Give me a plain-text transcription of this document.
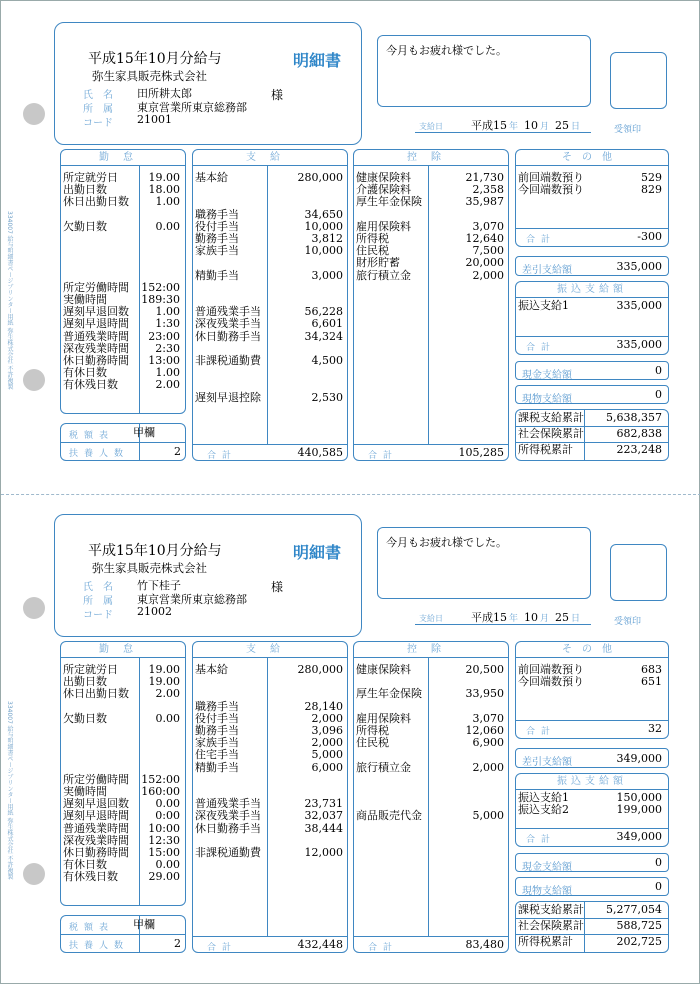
334007 給与明細書ページプリンター用紙 弥生株式会社 不許複製
334007 給与明細書ページプリンター用紙 弥生株式会社 不許複製
平成15年10月分給与	明細書
弥生家具販売株式会社
氏　名	田所耕太郎	様
所　属	東京営業所東京総務部
コード	21001
今月もお疲れ様でした。
受領印
支給日	平成15 年 10 月 25 日
勤怠
所定就労日	19.00
出勤日数	18.00
休日出勤日数 1.00
欠勤日数	0.00
所定労働時間 152:00
実働時間	189:30
遅刻早退回数 1.00
遅刻早退時間 1:30
普通残業時間 23:00
深夜残業時間 2:30
休日勤務時間 13:00
有休日数	1.00
有休残日数	2.00
税額表 甲欄
扶養人数	2
支給
基本給	280,000
職務手当	34,650
役付手当	10,000
勤務手当	3,812
家族手当	10,000
精勤手当	3,000
普通残業手当	56,228
深夜残業手当	6,601
休日勤務手当	34,324
非課税通勤費	4,500
遅刻早退控除	2,530
合計	440,585
控除
健康保険料	21,730
介護保険料	2,358
厚生年金保険	35,987
雇用保険料	3,070
所得税	12,640
住民税	7,500
財形貯蓄	20,000
旅行積立金	2,000
合計	105,285
その他
前回端数預り	529
今回端数預り	829
合計	-300
差引支給額	335,000
振込支給額
振込支給1	335,000
合計	335,000
現金支給額	0
現物支給額	0
課税支給累計 5,638,357
社会保険累計	682,838
所得税累計	223,248
平成15年10月分給与	明細書
弥生家具販売株式会社
氏　名	竹下桂子	様
所　属	東京営業所東京総務部
コード	21002
今月もお疲れ様でした。
受領印
支給日	平成15 年 10 月 25 日
勤怠
所定就労日	19.00
出勤日数	19.00
休日出勤日数 2.00
欠勤日数	0.00
所定労働時間 152:00
実働時間	160:00
遅刻早退回数 0.00
遅刻早退時間 0:00
普通残業時間 10:00
深夜残業時間 12:30
休日勤務時間 15:00
有休日数	0.00
有休残日数	29.00
税額表 甲欄
扶養人数	2
支給
基本給	280,000
職務手当	28,140
役付手当	2,000
勤務手当	3,096
家族手当	2,000
住宅手当	5,000
精勤手当	6,000
普通残業手当	23,731
深夜残業手当	32,037
休日勤務手当	38,444
非課税通勤費	12,000
合計	432,448
控除
健康保険料	20,500
厚生年金保険	33,950
雇用保険料	3,070
所得税	12,060
住民税	6,900
旅行積立金	2,000
商品販売代金	5,000
合計	83,480
その他
前回端数預り	683
今回端数預り	651
合計	32
差引支給額	349,000
振込支給額
振込支給1	150,000
振込支給2	199,000
合計	349,000
現金支給額	0
現物支給額	0
課税支給累計 5,277,054
社会保険累計	588,725
所得税累計	202,725
